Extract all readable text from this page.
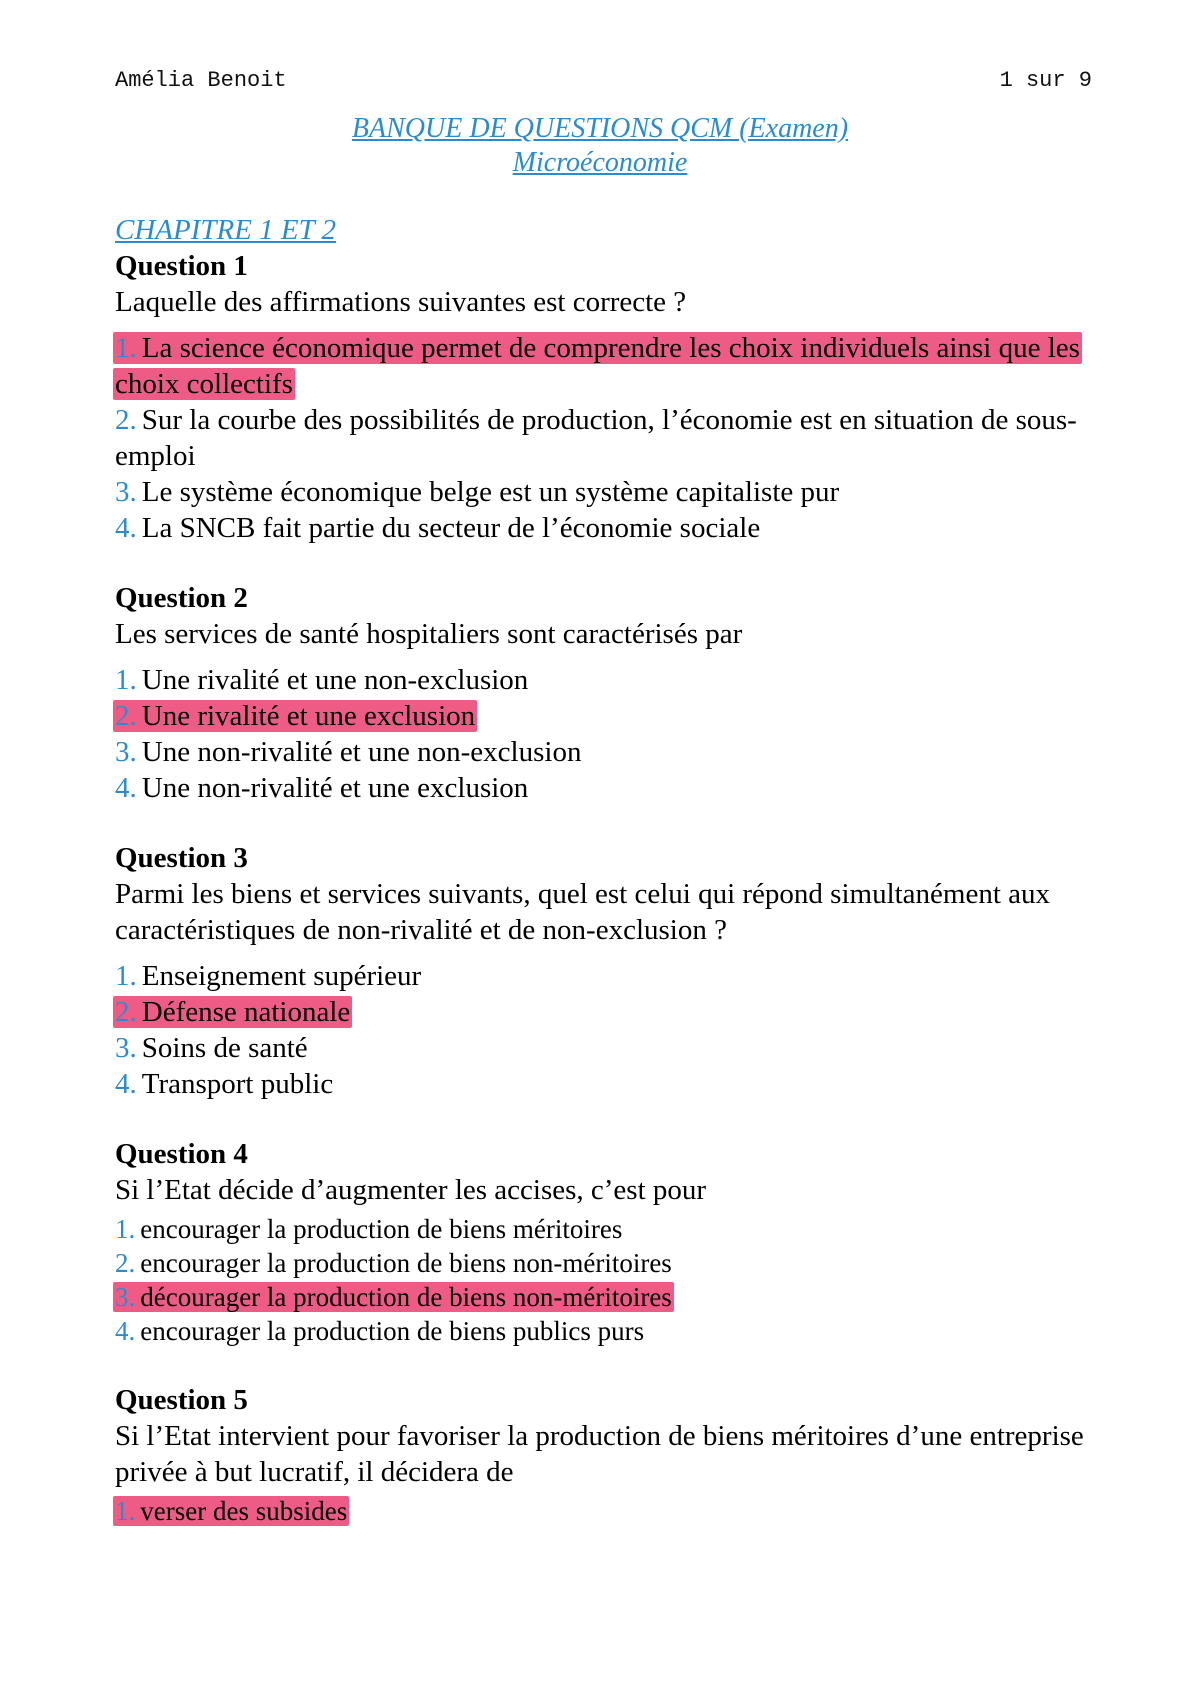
Amélia Benoit	1 sur 9

BANQUE DE QUESTIONS QCM (Examen)

Microéconomie

CHAPITRE 1 ET 2

Question 1

Laquelle des affirmations suivantes est correcte ?

1. La science économique permet de comprendre les choix individuels ainsi que les choix collectifs
2. Sur la courbe des possibilités de production, l’économie est en situation de sous-emploi
3. Le système économique belge est un système capitaliste pur
4. La SNCB fait partie du secteur de l’économie sociale

Question 2

Les services de santé hospitaliers sont caractérisés par

1. Une rivalité et une non-exclusion
2. Une rivalité et une exclusion
3. Une non-rivalité et une non-exclusion
4. Une non-rivalité et une exclusion

Question 3

Parmi les biens et services suivants, quel est celui qui répond simultanément aux caractéristiques de non-rivalité et de non-exclusion ?

1. Enseignement supérieur
2. Défense nationale
3. Soins de santé
4. Transport public

Question 4

Si l’Etat décide d’augmenter les accises, c’est pour

1. encourager la production de biens méritoires
2. encourager la production de biens non-méritoires
3. décourager la production de biens non-méritoires
4. encourager la production de biens publics purs

Question 5

Si l’Etat intervient pour favoriser la production de biens méritoires d’une entreprise privée à but lucratif, il décidera de

1. verser des subsides
